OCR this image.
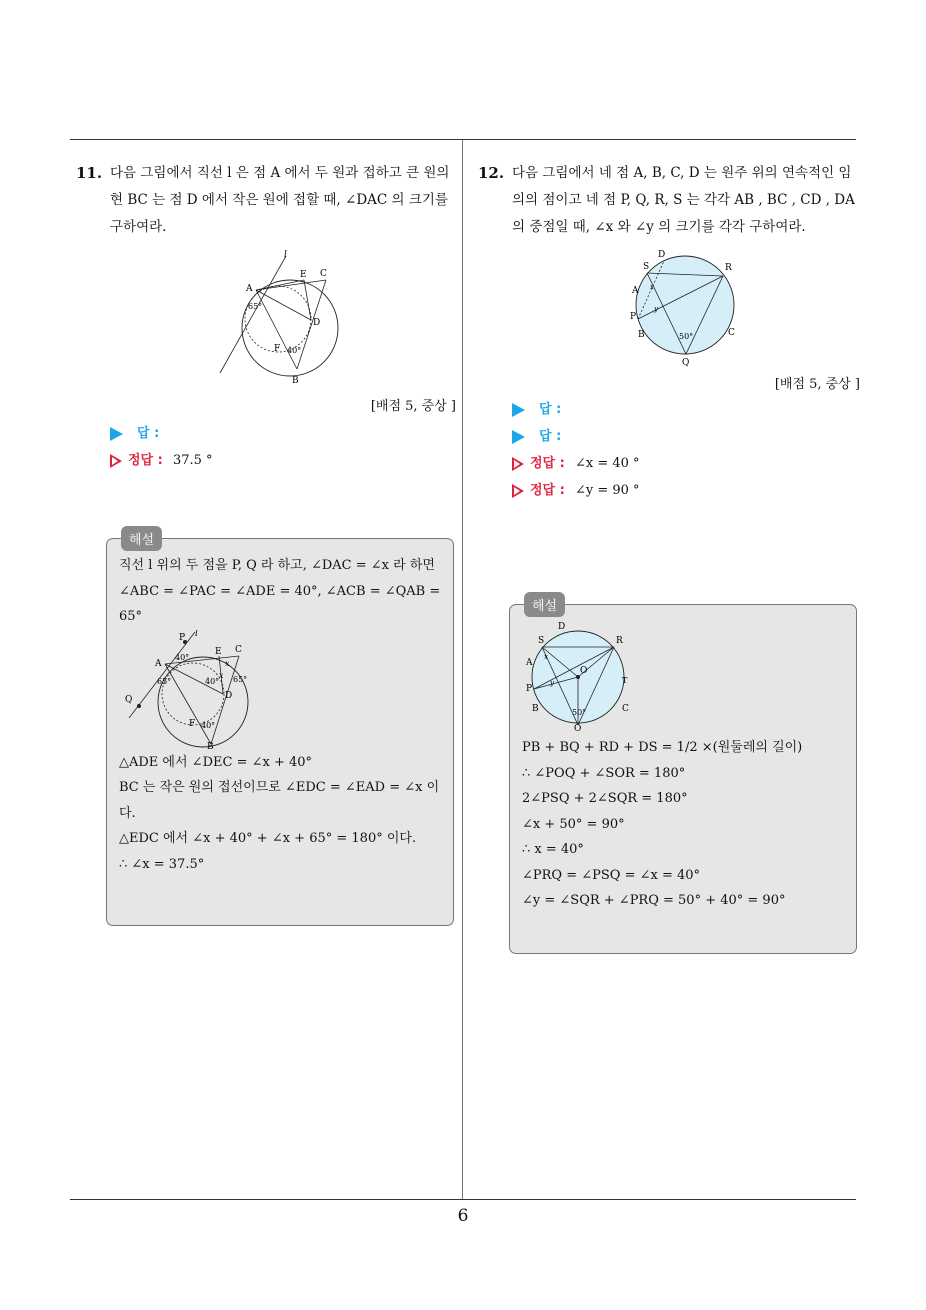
11. 다음 그림에서 직선 l 은 점 A 에서 두 원과 접하고 큰 원의 현 BC 는 점 D 에서 작은 원에 접할 때, ∠DAC 의 크기를 구하여라.
l
E C
A
65°
D
F 40°
B
[배점 5, 중상 ]
답 :
정답 : 37.5 °
해설
직선 l 위의 두 점을 P, Q 라 하고, ∠DAC = ∠x 라 하면
∠ABC = ∠PAC = ∠ADE = 40°, ∠ACB = ∠QAB = 65°
P l
A
40°
65°
E C
x
40°
x 65°
D
Q
F 40°
B
△ADE 에서 ∠DEC = ∠x + 40°
BC 는 작은 원의 접선이므로 ∠EDC = ∠EAD = ∠x 이다.
△EDC 에서 ∠x + 40° + ∠x + 65° = 180° 이다.
∴ ∠x = 37.5°
12. 다음 그림에서 네 점 A, B, C, D 는 원주 위의 연속적인 임의의 점이고 네 점 P, Q, R, S 는 각각 AB , BC , CD , DA 의 중점일 때, ∠x 와 ∠y 의 크기를 각각 구하여라.
D
S	R
A x
P
y
B	50°	C
Q
[배점 5, 중상 ]
답 :
답 :
정답 : ∠x = 40 °
정답 : ∠y = 90 °
해설
D
S	R
A
x
O
T
P
y
B	50°	C
Q
PB + BQ + RD + DS = 1/2 ×(원둘레의 길이)
∴ ∠POQ + ∠SOR = 180°
2∠PSQ + 2∠SQR = 180°
∠x + 50° = 90°
∴ x = 40°
∠PRQ = ∠PSQ = ∠x = 40°
∠y = ∠SQR + ∠PRQ = 50° + 40° = 90°
6
